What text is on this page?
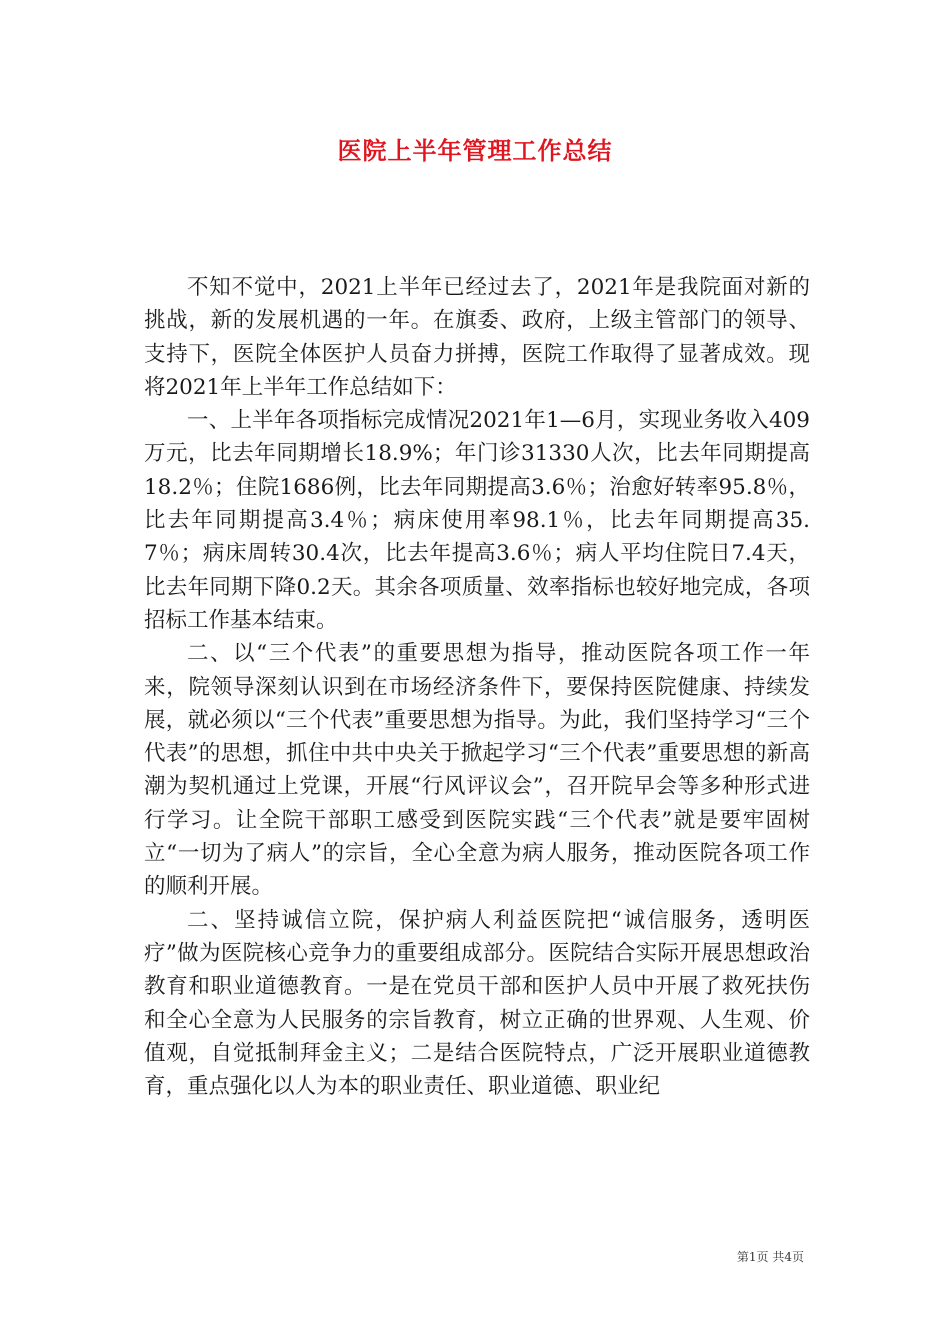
医院上半年管理工作总结

不知不觉中，2021上半年已经过去了，2021年是我院面对新的挑战，新的发展机遇的一年。在旗委、政府，上级主管部门的领导、支持下，医院全体医护人员奋力拼搏，医院工作取得了显著成效。现将2021年上半年工作总结如下：

一、上半年各项指标完成情况2021年1—6月，实现业务收入409万元，比去年同期增长18.9%；年门诊31330人次，比去年同期提高18.2％；住院1686例，比去年同期提高3.6％；治愈好转率95.8％，比去年同期提高3.4％；病床使用率98.1％，比去年同期提高35.7％；病床周转30.4次，比去年提高3.6％；病人平均住院日7.4天，比去年同期下降0.2天。其余各项质量、效率指标也较好地完成，各项招标工作基本结束。

二、以“三个代表”的重要思想为指导，推动医院各项工作一年来，院领导深刻认识到在市场经济条件下，要保持医院健康、持续发展，就必须以“三个代表”重要思想为指导。为此，我们坚持学习“三个代表”的思想，抓住中共中央关于掀起学习“三个代表”重要思想的新高潮为契机通过上党课，开展“行风评议会”，召开院早会等多种形式进行学习。让全院干部职工感受到医院实践“三个代表”就是要牢固树立“一切为了病人”的宗旨，全心全意为病人服务，推动医院各项工作的顺利开展。

二、坚持诚信立院，保护病人利益医院把“诚信服务，透明医疗”做为医院核心竞争力的重要组成部分。医院结合实际开展思想政治教育和职业道德教育。一是在党员干部和医护人员中开展了救死扶伤和全心全意为人民服务的宗旨教育，树立正确的世界观、人生观、价值观，自觉抵制拜金主义；二是结合医院特点，广泛开展职业道德教育，重点强化以人为本的职业责任、职业道德、职业纪

第1页 共4页
